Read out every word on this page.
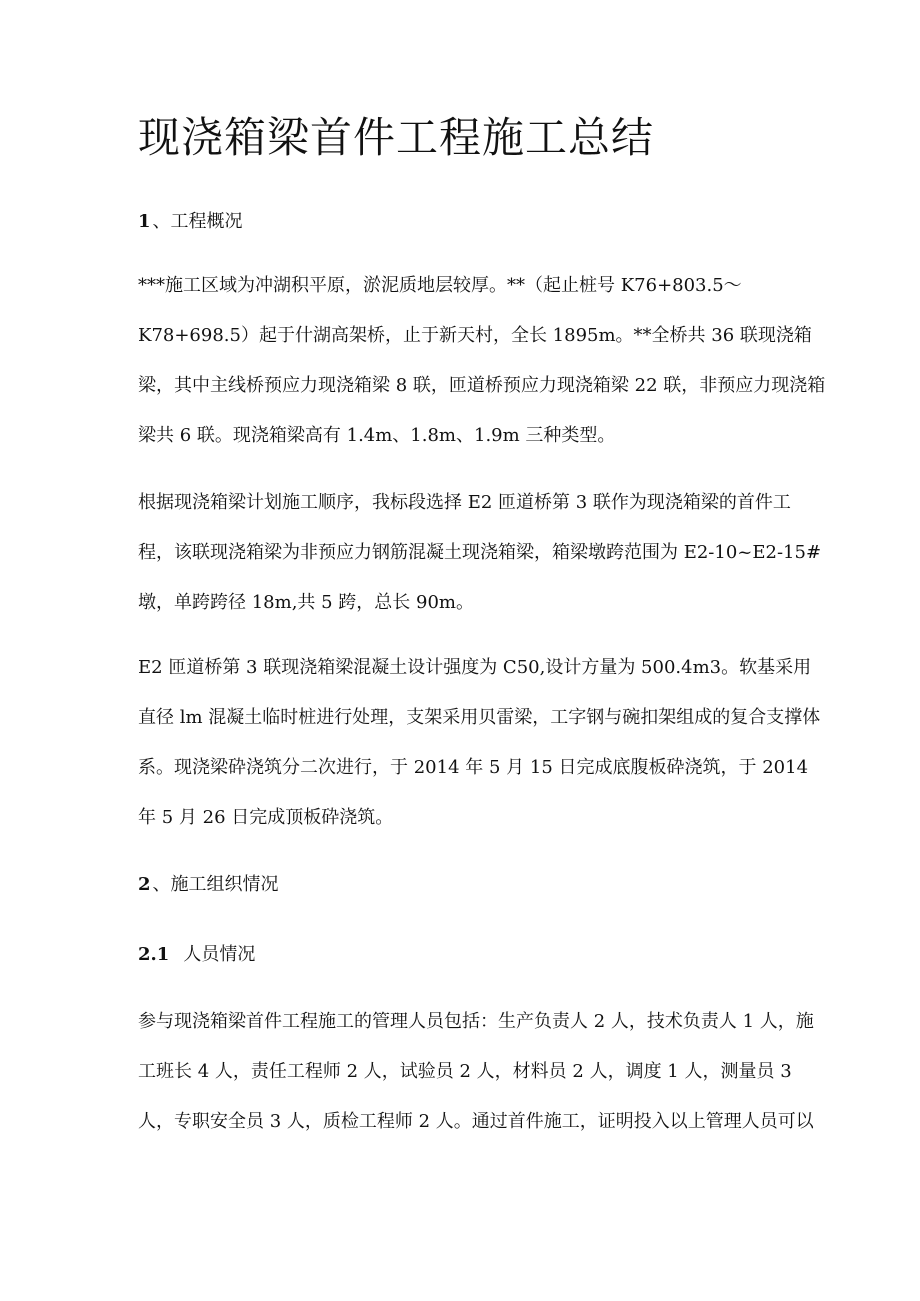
现浇箱梁首件工程施工总结
1 、工程概况
***施工区域为冲湖积平原，淤泥质地层较厚。**（起止桩号 K76+803.5～
K78+698.5）起于什湖高架桥，止于新天村，全长 1895m。**全桥共 36 联现浇箱
梁，其中主线桥预应力现浇箱梁 8 联，匝道桥预应力现浇箱梁 22 联，非预应力现浇箱
梁共 6 联。现浇箱梁高有 1.4m、1.8m、1.9m 三种类型。
根据现浇箱梁计划施工顺序，我标段选择 E2 匝道桥第 3 联作为现浇箱梁的首件工
程，该联现浇箱梁为非预应力钢筋混凝土现浇箱梁，箱梁墩跨范围为 E2-10~E2-15#
墩，单跨跨径 18m,共 5 跨，总长 90m。
E2 匝道桥第 3 联现浇箱梁混凝土设计强度为 C50,设计方量为 500.4m3。软基采用
直径 lm 混凝土临时桩进行处理，支架采用贝雷梁，工字钢与碗扣架组成的复合支撑体
系。现浇梁砕浇筑分二次进行，于 2014 年 5 月 15 日完成底腹板砕浇筑，于 2014
年 5 月 26 日完成顶板砕浇筑。
2 、施工组织情况
2.1 人员情况
参与现浇箱梁首件工程施工的管理人员包括：生产负责人 2 人，技术负责人 1 人，施
工班长 4 人，责任工程师 2 人，试验员 2 人，材料员 2 人，调度 1 人，测量员 3
人，专职安全员 3 人，质检工程师 2 人。通过首件施工，证明投入以上管理人员可以
